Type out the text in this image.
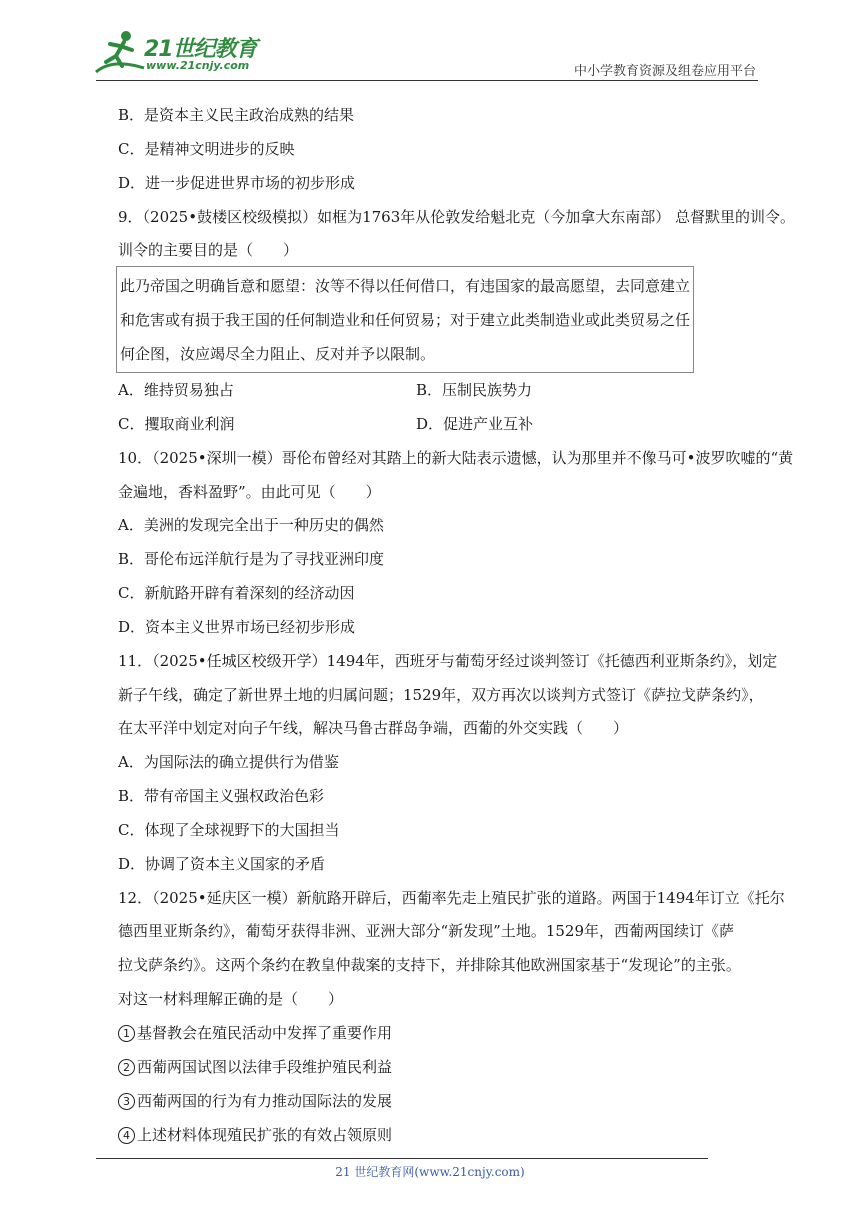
21世纪教育
www.21cnjy.com	中小学教育资源及组卷应用平台
B．是资本主义民主政治成熟的结果
C．是精神文明进步的反映
D．进一步促进世界市场的初步形成
9．（2025•鼓楼区校级模拟）如框为1763年从伦敦发给魁北克（今加拿大东南部） 总督默里的训令。
训令的主要目的是（　　）
此乃帝国之明确旨意和愿望：汝等不得以任何借口，有违国家的最高愿望，去同意建立
和危害或有损于我王国的任何制造业和任何贸易；对于建立此类制造业或此类贸易之任
何企图，汝应竭尽全力阻止、反对并予以限制。
A．维持贸易独占	B．压制民族势力
C．攫取商业利润	D．促进产业互补
10．（2025•深圳一模）哥伦布曾经对其踏上的新大陆表示遗憾，认为那里并不像马可•波罗吹嘘的“黄
金遍地，香料盈野”。由此可见（　　）
A．美洲的发现完全出于一种历史的偶然
B．哥伦布远洋航行是为了寻找亚洲印度
C．新航路开辟有着深刻的经济动因
D．资本主义世界市场已经初步形成
11．（2025•任城区校级开学）1494年，西班牙与葡萄牙经过谈判签订《托德西利亚斯条约》，划定
新子午线，确定了新世界土地的归属问题；1529年，双方再次以谈判方式签订《萨拉戈萨条约》，
在太平洋中划定对向子午线，解决马鲁古群岛争端，西葡的外交实践（　　）
A．为国际法的确立提供行为借鉴
B．带有帝国主义强权政治色彩
C．体现了全球视野下的大国担当
D．协调了资本主义国家的矛盾
12．（2025•延庆区一模）新航路开辟后，西葡率先走上殖民扩张的道路。两国于1494年订立《托尔
德西里亚斯条约》，葡萄牙获得非洲、亚洲大部分“新发现”土地。1529年，西葡两国续订《萨
拉戈萨条约》。这两个条约在教皇仲裁案的支持下，并排除其他欧洲国家基于“发现论”的主张。
对这一材料理解正确的是（　　）
1 基督教会在殖民活动中发挥了重要作用
2 西葡两国试图以法律手段维护殖民利益
3 西葡两国的行为有力推动国际法的发展
4 上述材料体现殖民扩张的有效占领原则
21 世纪教育网(www.21cnjy.com)
